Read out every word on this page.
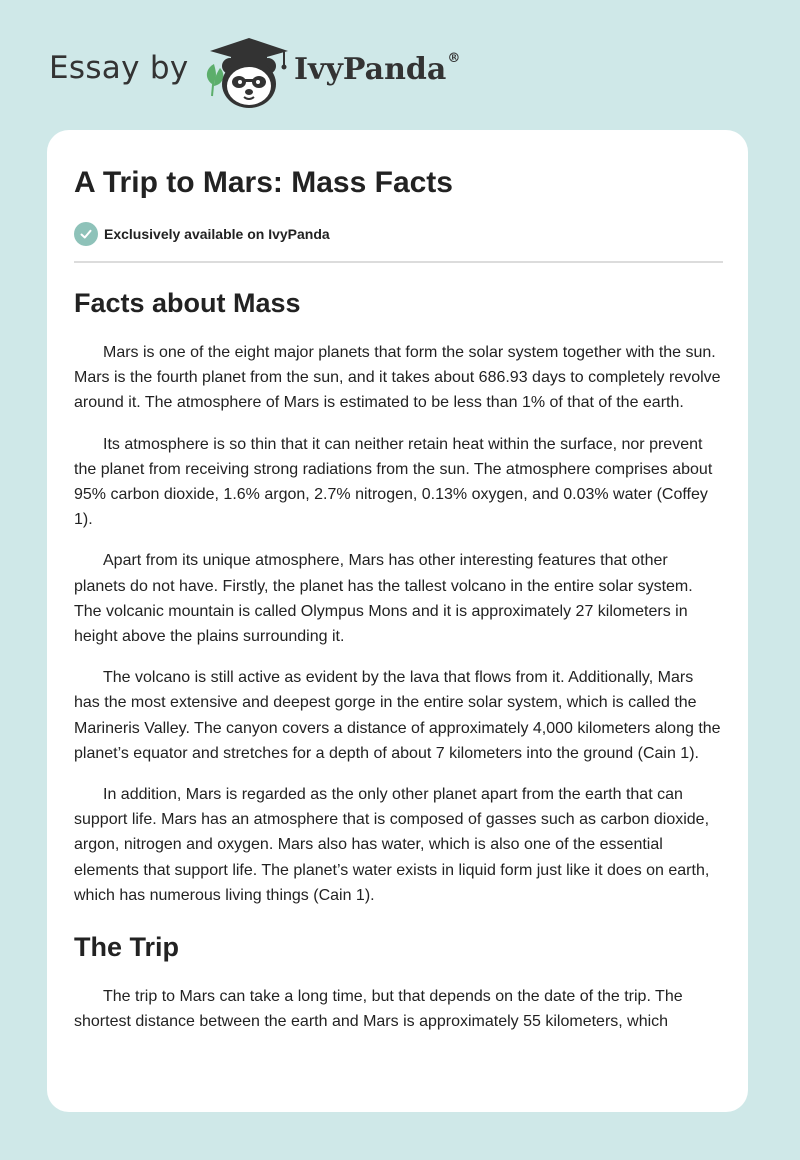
Essay by	IvyPanda®
A Trip to Mars: Mass Facts
Exclusively available on IvyPanda
Facts about Mass

Mars is one of the eight major planets that form the solar system together with the sun. Mars is the fourth planet from the sun, and it takes about 686.93 days to completely revolve around it. The atmosphere of Mars is estimated to be less than 1% of that of the earth.

Its atmosphere is so thin that it can neither retain heat within the surface, nor prevent the planet from receiving strong radiations from the sun. The atmosphere comprises about 95% carbon dioxide, 1.6% argon, 2.7% nitrogen, 0.13% oxygen, and 0.03% water (Coffey 1).

Apart from its unique atmosphere, Mars has other interesting features that other planets do not have. Firstly, the planet has the tallest volcano in the entire solar system. The volcanic mountain is called Olympus Mons and it is approximately 27 kilometers in height above the plains surrounding it.

The volcano is still active as evident by the lava that flows from it. Additionally, Mars has the most extensive and deepest gorge in the entire solar system, which is called the Marineris Valley. The canyon covers a distance of approximately 4,000 kilometers along the planet’s equator and stretches for a depth of about 7 kilometers into the ground (Cain 1).

In addition, Mars is regarded as the only other planet apart from the earth that can support life. Mars has an atmosphere that is composed of gasses such as carbon dioxide, argon, nitrogen and oxygen. Mars also has water, which is also one of the essential elements that support life. The planet’s water exists in liquid form just like it does on earth, which has numerous living things (Cain 1).

The Trip

The trip to Mars can take a long time, but that depends on the date of the trip. The shortest distance between the earth and Mars is approximately 55 kilometers, which
